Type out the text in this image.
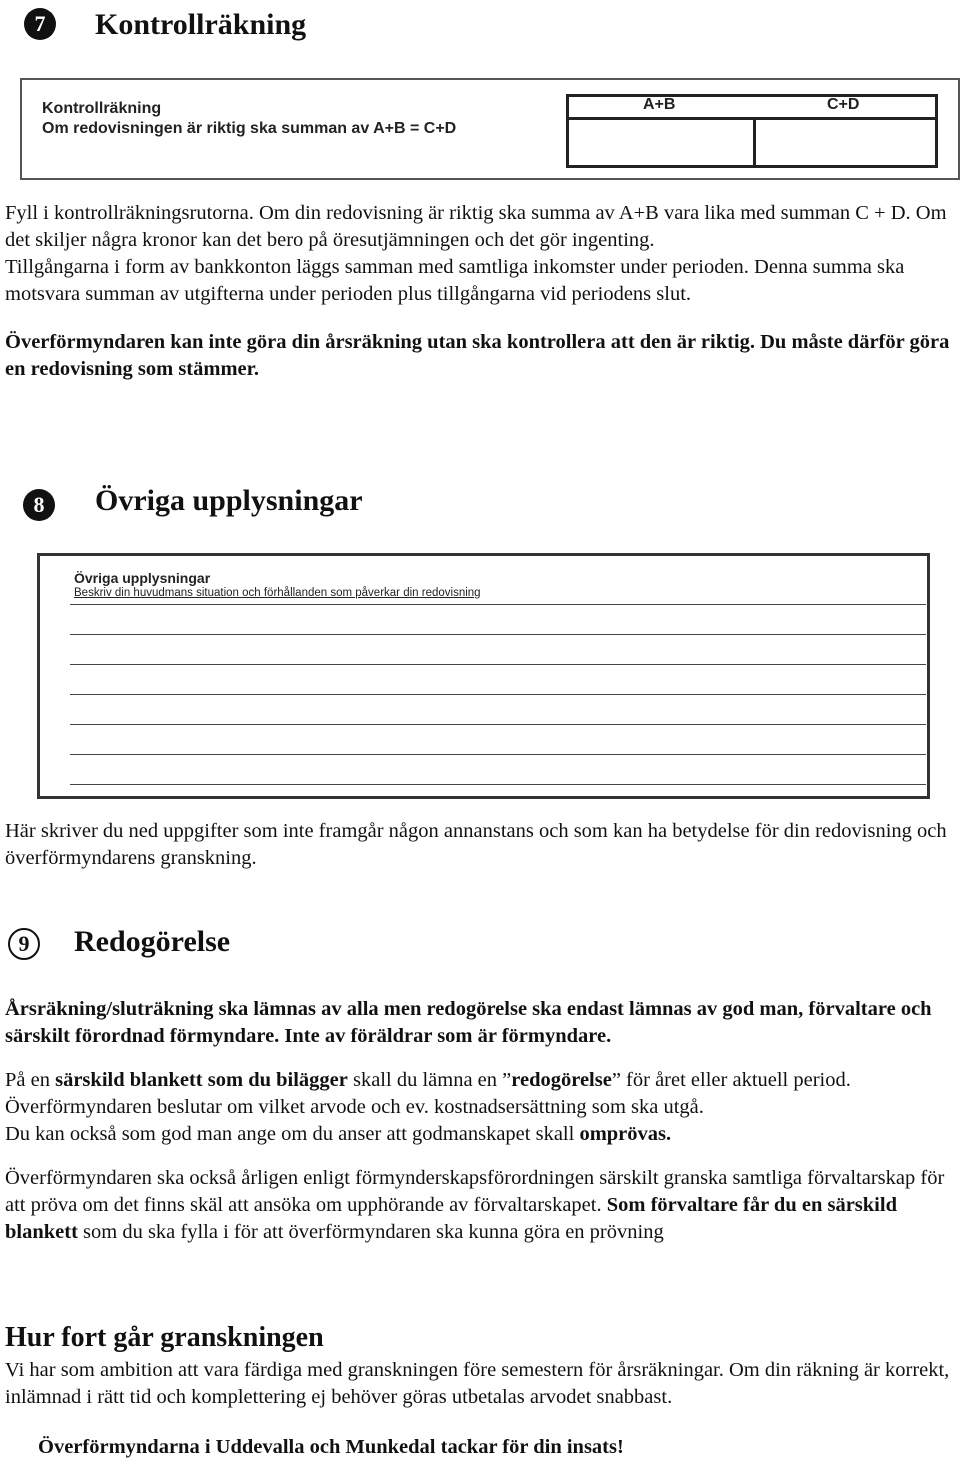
7	Kontrollräkning
Kontrollräkning
Om redovisningen är riktig ska summan av A+B = C+D
A+B	C+D

Fyll i kontrollräkningsrutorna. Om din redovisning är riktig ska summa av A+B vara lika med summan C + D. Om det skiljer några kronor kan det bero på öresutjämningen och det gör ingenting.

Tillgångarna i form av bankkonton läggs samman med samtliga inkomster under perioden. Denna summa ska motsvara summan av utgifterna under perioden plus tillgångarna vid periodens slut.

Överförmyndaren kan inte göra din årsräkning utan ska kontrollera att den är riktig. Du måste därför göra en redovisning som stämmer.

8	Övriga upplysningar
Övriga upplysningar
Beskriv din huvudmans situation och förhållanden som påverkar din redovisning

Här skriver du ned uppgifter som inte framgår någon annanstans och som kan ha betydelse för din redovisning och överförmyndarens granskning.

9	Redogörelse

Årsräkning/sluträkning ska lämnas av alla men redogörelse ska endast lämnas av god man, förvaltare och särskilt förordnad förmyndare. Inte av föräldrar som är förmyndare.

På en särskild blankett som du bilägger skall du lämna en ”redogörelse” för året eller aktuell period.

Överförmyndaren beslutar om vilket arvode och ev. kostnadsersättning som ska utgå.

Du kan också som god man ange om du anser att godmanskapet skall omprövas.

Överförmyndaren ska också årligen enligt förmynderskapsförordningen särskilt granska samtliga förvaltarskap för att pröva om det finns skäl att ansöka om upphörande av förvaltarskapet. Som förvaltare får du en särskild blankett som du ska fylla i för att överförmyndaren ska kunna göra en prövning

Hur fort går granskningen

Vi har som ambition att vara färdiga med granskningen före semestern för årsräkningar. Om din räkning är korrekt, inlämnad i rätt tid och komplettering ej behöver göras utbetalas arvodet snabbast.

Överförmyndarna i Uddevalla och Munkedal tackar för din insats!
